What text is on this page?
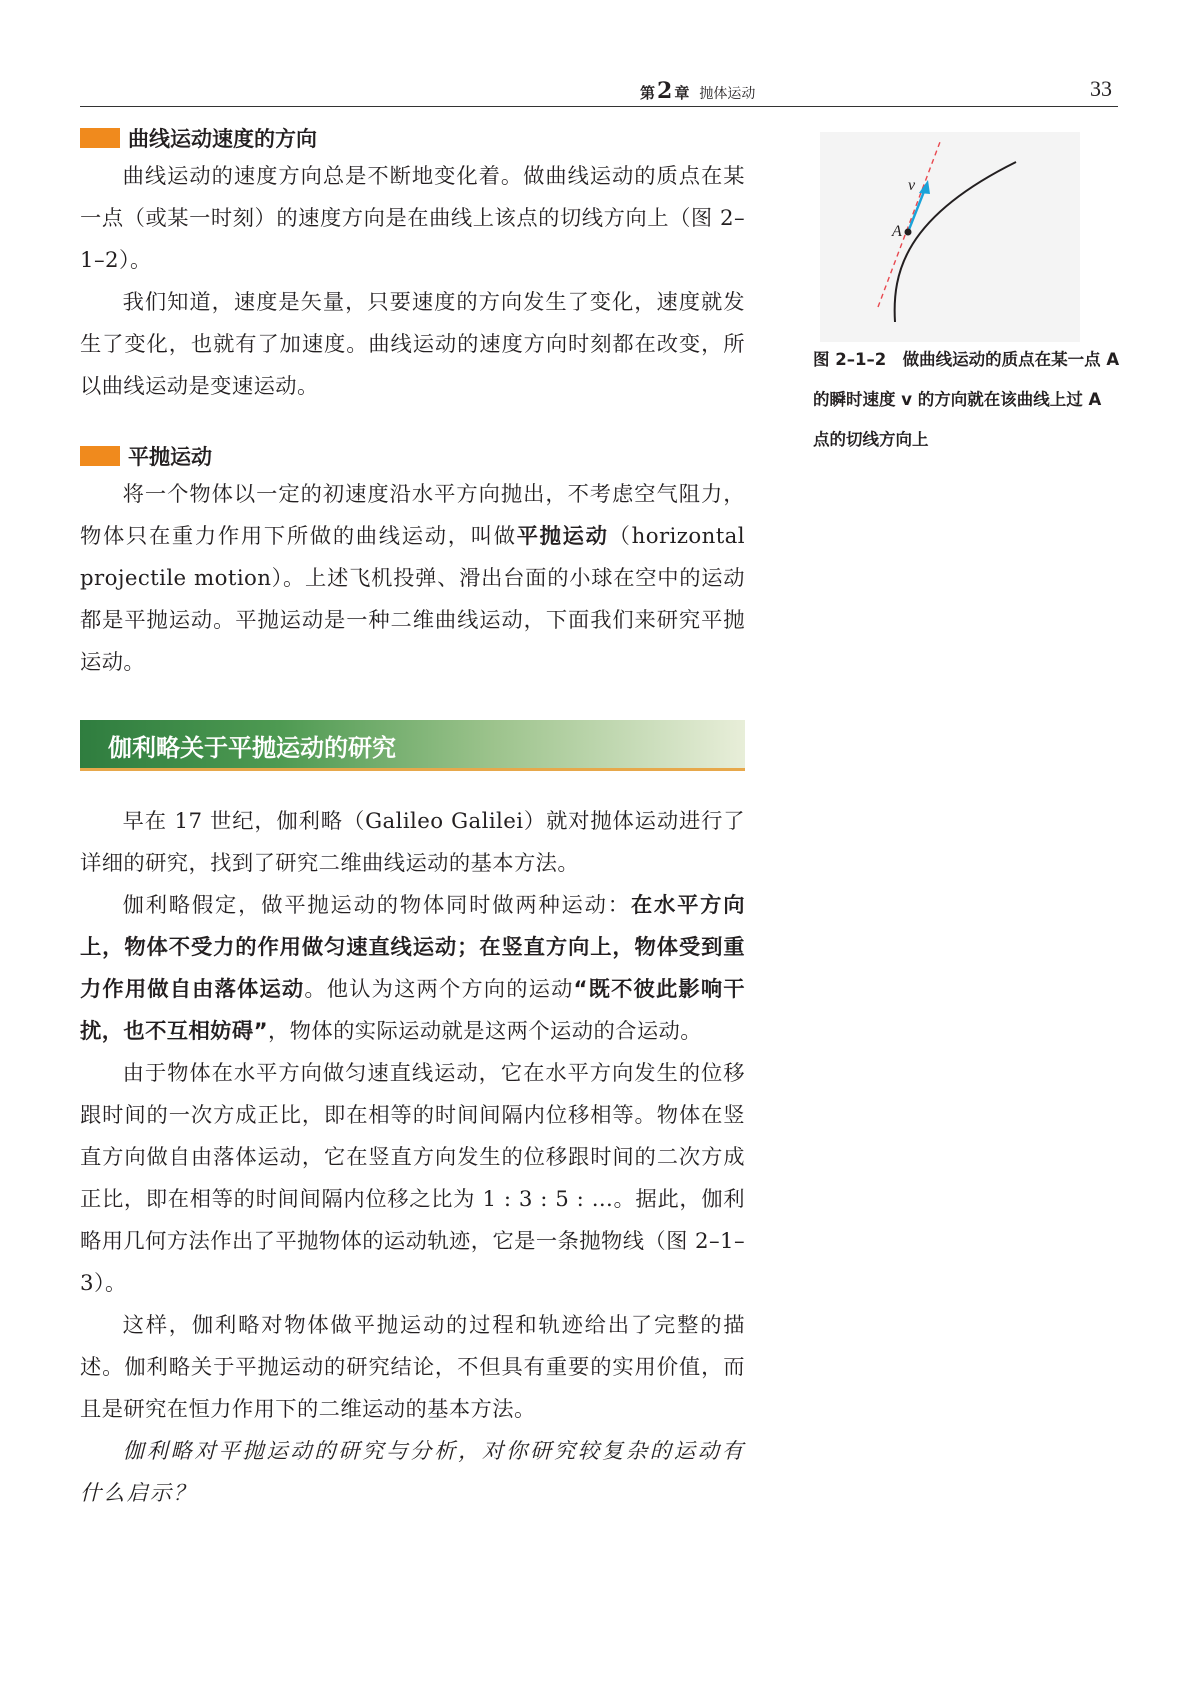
第2 章 抛体运动	33
曲线运动速度的方向

曲线运动的速度方向总是不断地变化着。做曲线运动的质点在某一点（或某一时刻）的速度方向是在曲线上该点的切线方向上（图 2–1–2）。

我们知道，速度是矢量，只要速度的方向发生了变化，速度就发生了变化，也就有了加速度。曲线运动的速度方向时刻都在改变，所以曲线运动是变速运动。

平抛运动

将一个物体以一定的初速度沿水平方向抛出，不考虑空气阻力，物体只在重力作用下所做的曲线运动，叫做平抛运动（horizontal projectile motion）。上述飞机投弹、滑出台面的小球在空中的运动都是平抛运动。平抛运动是一种二维曲线运动，下面我们来研究平抛运动。

伽利略关于平抛运动的研究

早在 17 世纪，伽利略（Galileo Galilei）就对抛体运动进行了详细的研究，找到了研究二维曲线运动的基本方法。

伽利略假定，做平抛运动的物体同时做两种运动：在水平方向上，物体不受力的作用做匀速直线运动；在竖直方向上，物体受到重力作用做自由落体运动。他认为这两个方向的运动“既不彼此影响干扰，也不互相妨碍”，物体的实际运动就是这两个运动的合运动。

由于物体在水平方向做匀速直线运动，它在水平方向发生的位移跟时间的一次方成正比，即在相等的时间间隔内位移相等。物体在竖直方向做自由落体运动，它在竖直方向发生的位移跟时间的二次方成正比，即在相等的时间间隔内位移之比为 1 : 3 : 5 : …。据此，伽利略用几何方法作出了平抛物体的运动轨迹，它是一条抛物线（图 2–1–3）。

这样，伽利略对物体做平抛运动的过程和轨迹给出了完整的描述。伽利略关于平抛运动的研究结论，不但具有重要的实用价值，而且是研究在恒力作用下的二维运动的基本方法。

伽利略对平抛运动的研究与分析，对你研究较复杂的运动有什么启示？

v
A
图 2–1–2　做曲线运动的质点在某一点 A 的瞬时速度 v 的方向就在该曲线上过 A 点的切线方向上
